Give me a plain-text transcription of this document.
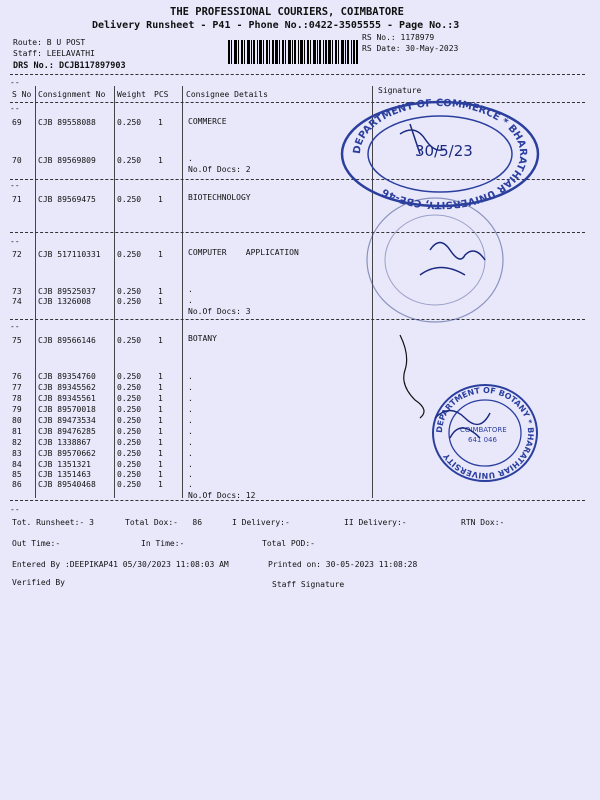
THE PROFESSIONAL COURIERS, COIMBATORE
Delivery Runsheet - P41 - Phone No.:0422-3505555 - Page No.:3
Route: B U POST
Staff: LEELAVATHI
DRS No.: DCJB117897903
RS No.: 1178979
RS Date: 30-May-2023
--
S No Consignment No Weight PCS Consignee Details	Signature
--
--
--
--
--
69 CJB 89558088	0.250 1	COMMERCE
70 CJB 89569809	0.250 1	.
No.Of Docs: 2
71 CJB 89569475	0.250 1	BIOTECHNOLOGY
72 CJB 517110331 0.250 1	COMPUTER    APPLICATION
73 CJB 89525037	0.250 1	.
74 CJB 1326008	0.250 1	.
No.Of Docs: 3
75 CJB 89566146	0.250 1	BOTANY
76 CJB 89354760	0.250 1	.
77 CJB 89345562	0.250 1	.
78 CJB 89345561	0.250 1	.
79 CJB 89570018	0.250 1	.
80 CJB 89473534	0.250 1	.
81 CJB 89476285	0.250 1	.
82 CJB 1338867	0.250 1	.
83 CJB 89570662	0.250 1	.
84 CJB 1351321	0.250 1	.
85 CJB 1351463	0.250 1	.
86 CJB 89540468	0.250 1	.
No.Of Docs: 12
DEPARTMENT OF COMMERCE * BHARATHIAR UNIVERSITY, CBE-46
30/5/23
DEPARTMENT OF BOTANY * BHARATHIAR UNIVERSITY
COIMBATORE
641 046
Tot. Runsheet:- 3	Total Dox:-   86	I Delivery:-	II Delivery:-	RTN Dox:-
Out Time:-	In Time:-	Total POD:-
Entered By :DEEPIKAP41 05/30/2023 11:08:03 AM	Printed on: 30-05-2023 11:08:28
Verified By	Staff Signature
